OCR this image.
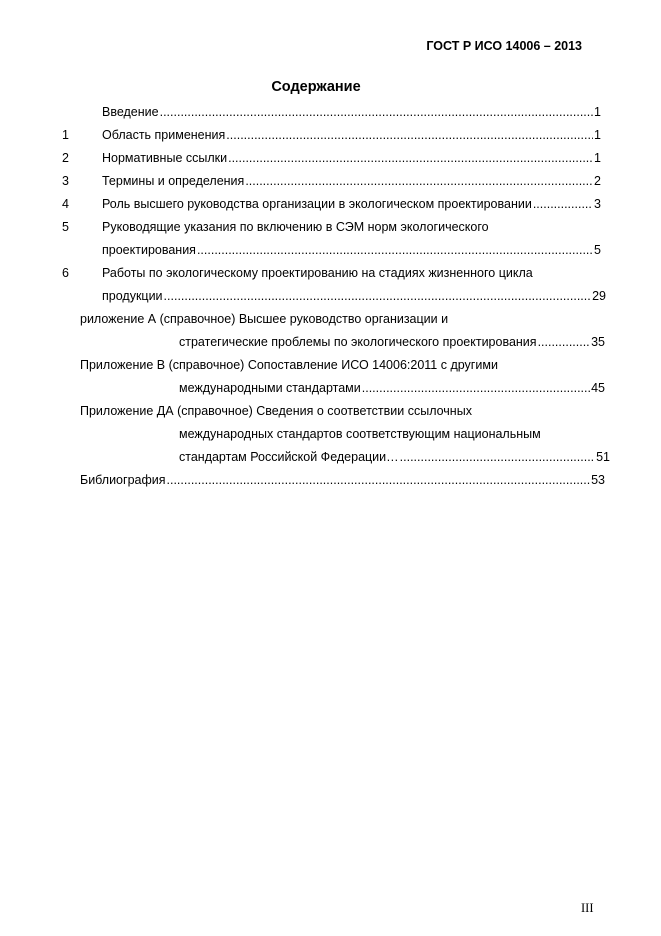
ГОСТ Р ИСО 14006 – 2013
Содержание
Введение .....	1
1	Область применения .....	1
2	Нормативные ссылки .....	1
3	Термины и определения .....	2
4	Роль высшего руководства организации в экологическом проектировании .....	3
5	Руководящие указания по включению в СЭМ норм экологического
проектирования .....	5
6	Работы по экологическому проектированию на стадиях жизненного цикла
продукции .....	29
риложение А (справочное) Высшее руководство организации и
стратегические проблемы по экологического проектирования .....	35
Приложение В (справочное) Сопоставление ИСО 14006:2011 с другими
международными стандартами .....	45
Приложение ДА (справочное) Сведения о соответствии ссылочных
международных стандартов соответствующим национальным
стандартам Российской Федерации… .....	51
Библиография .....	53
III
